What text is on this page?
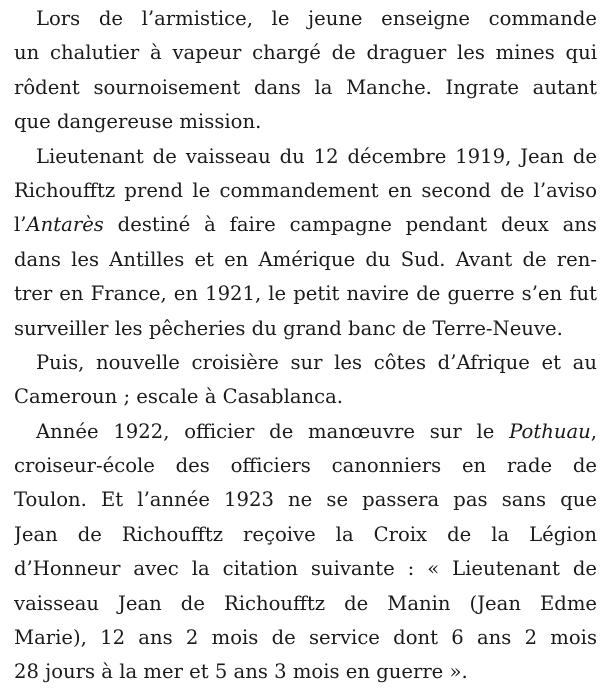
Lors de l’armistice, le jeune enseigne commande
un chalutier à vapeur chargé de draguer les mines qui
rôdent sournoisement dans la Manche. Ingrate autant
que dangereuse mission.
Lieutenant de vaisseau du 12 décembre 1919, Jean de
Richoufftz prend le commandement en second de l’aviso
l’Antarès destiné à faire campagne pendant deux ans
dans les Antilles et en Amérique du Sud. Avant de ren-
trer en France, en 1921, le petit navire de guerre s’en fut
surveiller les pêcheries du grand banc de Terre-Neuve.
Puis, nouvelle croisière sur les côtes d’Afrique et au
Cameroun ; escale à Casablanca.
Année 1922, officier de manœuvre sur le Pothuau,
croiseur-école des officiers canonniers en rade de
Toulon. Et l’année 1923 ne se passera pas sans que
Jean de Richoufftz reçoive la Croix de la Légion
d’Honneur avec la citation suivante : « Lieutenant de
vaisseau Jean de Richoufftz de Manin (Jean Edme
Marie), 12 ans 2 mois de service dont 6 ans 2 mois
28 jours à la mer et 5 ans 3 mois en guerre ».
